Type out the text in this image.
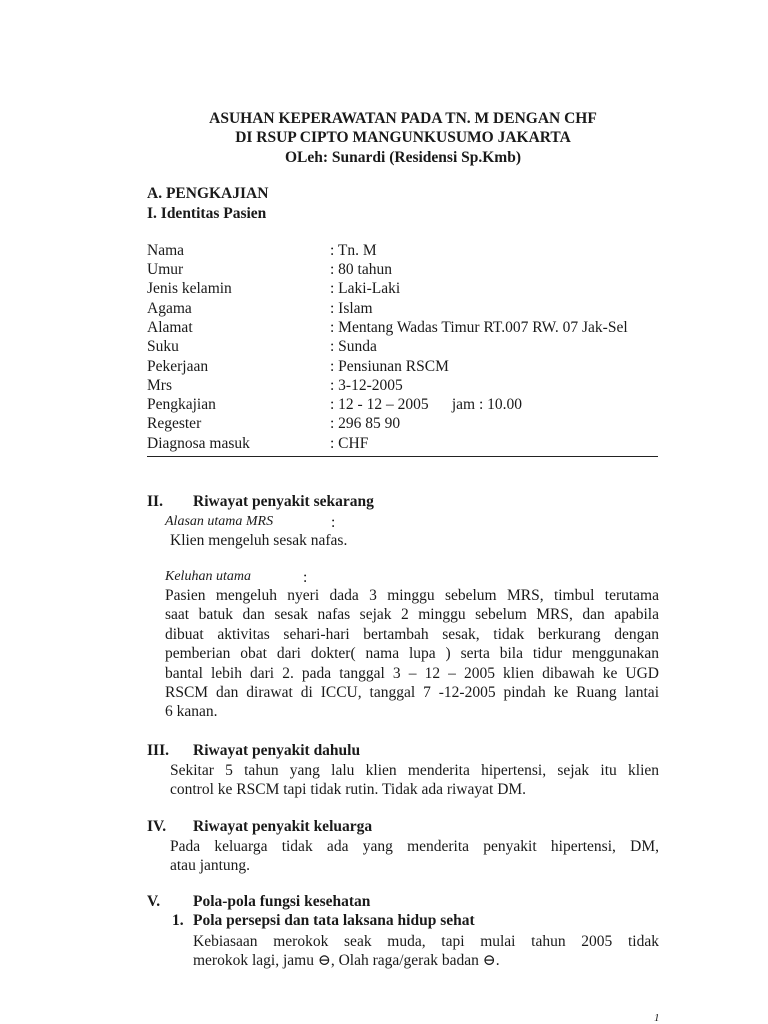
ASUHAN KEPERAWATAN PADA TN. M DENGAN CHF
DI RSUP CIPTO MANGUNKUSUMO JAKARTA
OLeh: Sunardi (Residensi Sp.Kmb)
A. PENGKAJIAN
I. Identitas Pasien
Nama	: Tn. M
Umur	: 80 tahun
Jenis kelamin	: Laki-Laki
Agama	: Islam
Alamat	: Mentang Wadas Timur RT.007 RW. 07 Jak-Sel
Suku	: Sunda
Pekerjaan	: Pensiunan RSCM
Mrs	: 3-12-2005
Pengkajian	: 12 - 12 – 2005      jam : 10.00
Regester	: 296 85 90
Diagnosa masuk	: CHF
II. Riwayat penyakit sekarang
Alasan utama MRS	:
Klien mengeluh sesak nafas.
Keluhan utama	:
Pasien mengeluh nyeri dada 3 minggu sebelum MRS, timbul terutama
saat batuk dan sesak nafas sejak 2 minggu sebelum MRS, dan apabila
dibuat aktivitas sehari-hari bertambah sesak, tidak berkurang dengan
pemberian obat dari dokter( nama lupa ) serta bila tidur menggunakan
bantal lebih dari 2. pada tanggal 3 – 12 – 2005 klien dibawah ke UGD
RSCM dan dirawat di ICCU, tanggal 7 -12-2005 pindah ke Ruang lantai
6 kanan.
III. Riwayat penyakit dahulu
Sekitar 5 tahun yang lalu klien menderita hipertensi, sejak itu klien
control ke RSCM tapi tidak rutin. Tidak ada riwayat DM.
IV. Riwayat penyakit keluarga
Pada keluarga tidak ada yang menderita penyakit hipertensi, DM,
atau jantung.
V. Pola-pola fungsi kesehatan
1. Pola persepsi dan tata laksana hidup sehat
Kebiasaan merokok seak muda, tapi mulai tahun 2005 tidak
merokok lagi, jamu ⊖, Olah raga/gerak badan ⊖.
1
